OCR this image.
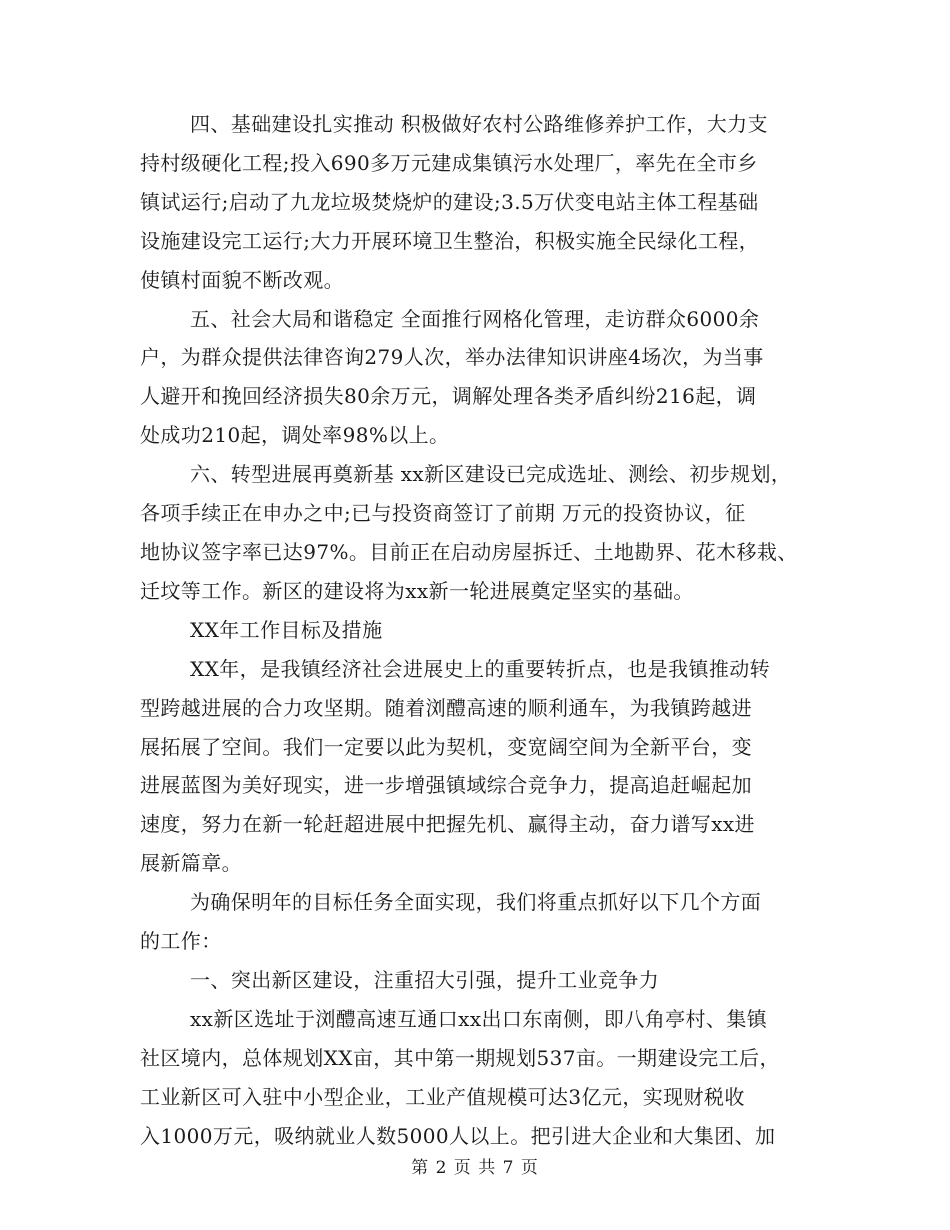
四、基础建设扎实推动 积极做好农村公路维修养护工作，大力支

持村级硬化工程;投入690多万元建成集镇污水处理厂，率先在全市乡

镇试运行;启动了九龙垃圾焚烧炉的建设;3.5万伏变电站主体工程基础

设施建设完工运行;大力开展环境卫生整治，积极实施全民绿化工程，

使镇村面貌不断改观。

五、社会大局和谐稳定 全面推行网格化管理，走访群众6000余

户，为群众提供法律咨询279人次，举办法律知识讲座4场次，为当事

人避开和挽回经济损失80余万元，调解处理各类矛盾纠纷216起，调

处成功210起，调处率98%以上。

六、转型进展再奠新基 xx新区建设已完成选址、测绘、初步规划，

各项手续正在申办之中;已与投资商签订了前期 万元的投资协议，征

地协议签字率已达97%。目前正在启动房屋拆迁、土地勘界、花木移栽、

迁坟等工作。新区的建设将为xx新一轮进展奠定坚实的基础。

XX年工作目标及措施

XX年，是我镇经济社会进展史上的重要转折点，也是我镇推动转

型跨越进展的合力攻坚期。随着浏醴高速的顺利通车，为我镇跨越进

展拓展了空间。我们一定要以此为契机，变宽阔空间为全新平台，变

进展蓝图为美好现实，进一步增强镇域综合竞争力，提高追赶崛起加

速度，努力在新一轮赶超进展中把握先机、赢得主动，奋力谱写xx进

展新篇章。

为确保明年的目标任务全面实现，我们将重点抓好以下几个方面

的工作：

一、突出新区建设，注重招大引强，提升工业竞争力

xx新区选址于浏醴高速互通口xx出口东南侧，即八角亭村、集镇

社区境内，总体规划XX亩，其中第一期规划537亩。一期建设完工后，

工业新区可入驻中小型企业，工业产值规模可达3亿元，实现财税收

入1000万元，吸纳就业人数5000人以上。把引进大企业和大集团、加

第 2 页 共 7 页
